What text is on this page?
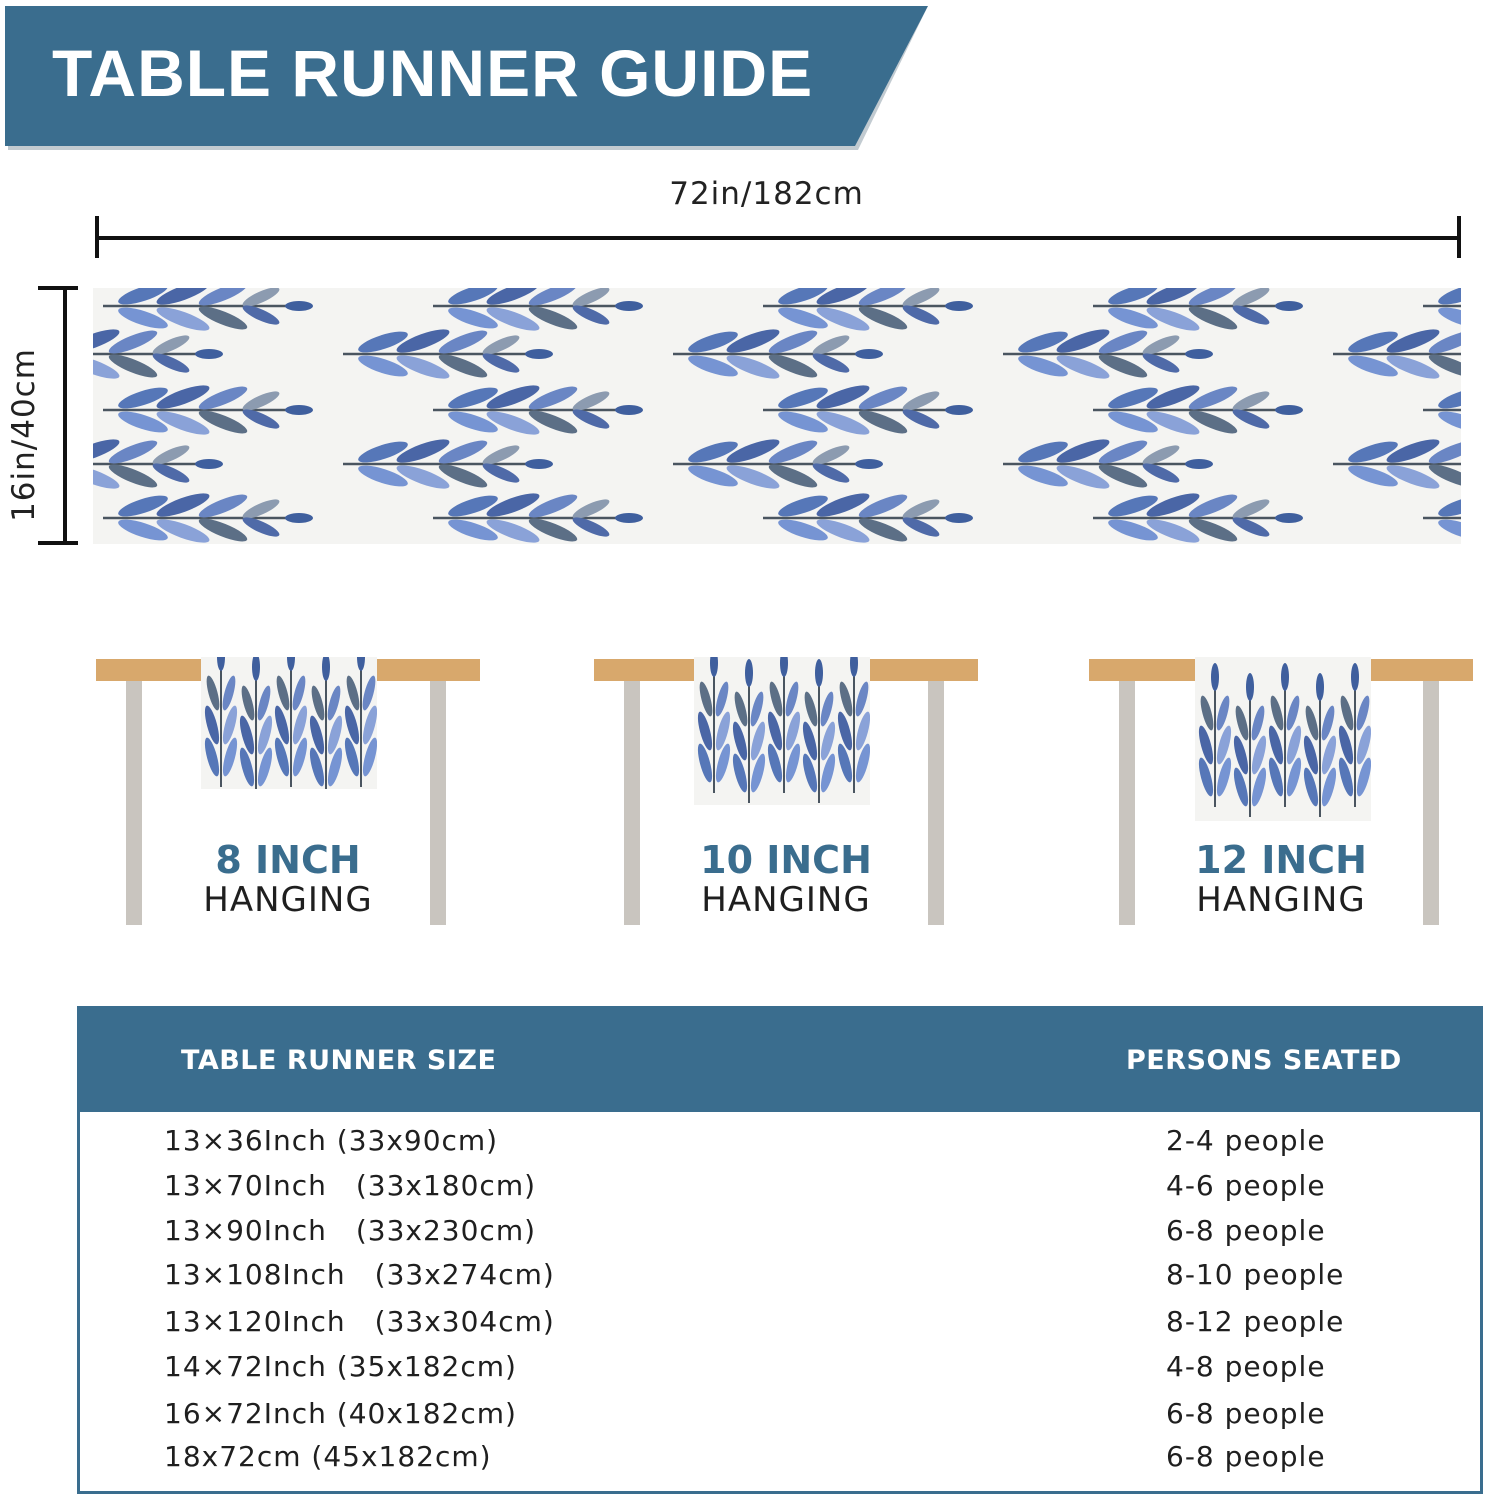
TABLE RUNNER GUIDE
72in/182cm
16in/40cm
8 INCH
HANGING
10 INCH
HANGING
12 INCH
HANGING
TABLE RUNNER SIZE	PERSONS SEATED
13×36Inch (33x90cm)	2-4 people
13×70Inch　(33x180cm)	4-6 people
13×90Inch　(33x230cm)	6-8 people
13×108Inch　(33x274cm)	8-10 people
13×120Inch　(33x304cm)	8-12 people
14×72Inch (35x182cm)	4-8 people
16×72Inch (40x182cm)	6-8 people
18x72cm (45x182cm)	6-8 people
